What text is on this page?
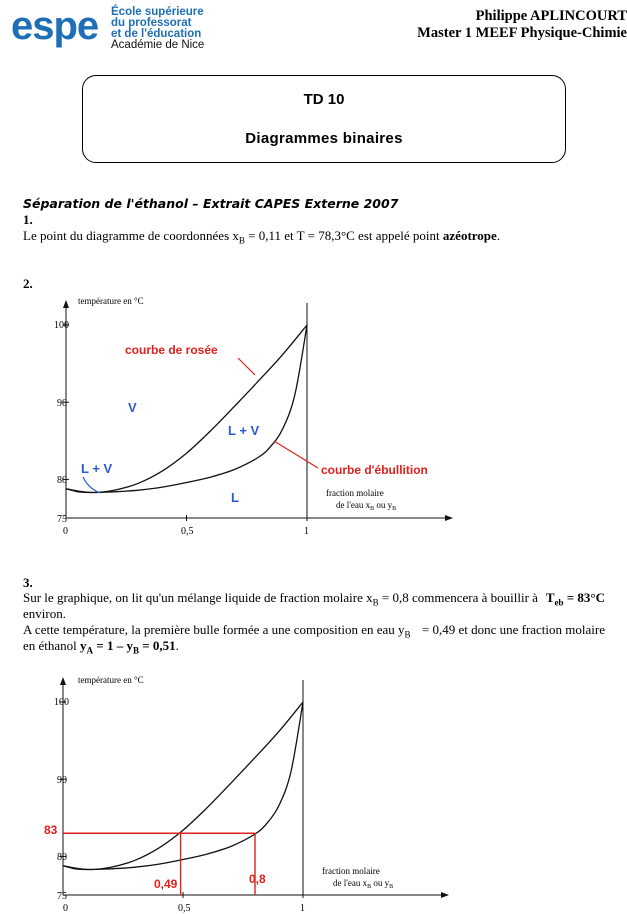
espe École supérieure
du professorat
et de l'éducation
Académie de Nice
Philippe APLINCOURT
Master 1 MEEF Physique-Chimie
TD 10
Diagrammes binaires
Séparation de l'éthanol – Extrait CAPES Externe 2007
1.
Le point du diagramme de coordonnées $x_B = 0,11$ et T = 78,3°C est appelé point azéotrope.
2.
température en °C
100
90
80
75
0	0,5	1
fraction molaire
de l'eau $x_B$ ou $y_B$
courbe de rosée
courbe d'ébullition
V
L + V
L + V
L
3.
Sur le graphique, on lit qu'un mélange liquide de fraction molaire $x_B = 0,8$ commencera à bouillir à $T_{eb} = 83^\circ C$
environ.
A cette température, la première bulle formée a une composition en eau $y_B = 0,49$ et donc une fraction molaire
en éthanol $y_A = 1 - y_B = 0,51$.
température en °C
100
90
80
75
0	0,5	1
fraction molaire
de l'eau $x_B$ ou $y_B$
83
0,49	0,8
